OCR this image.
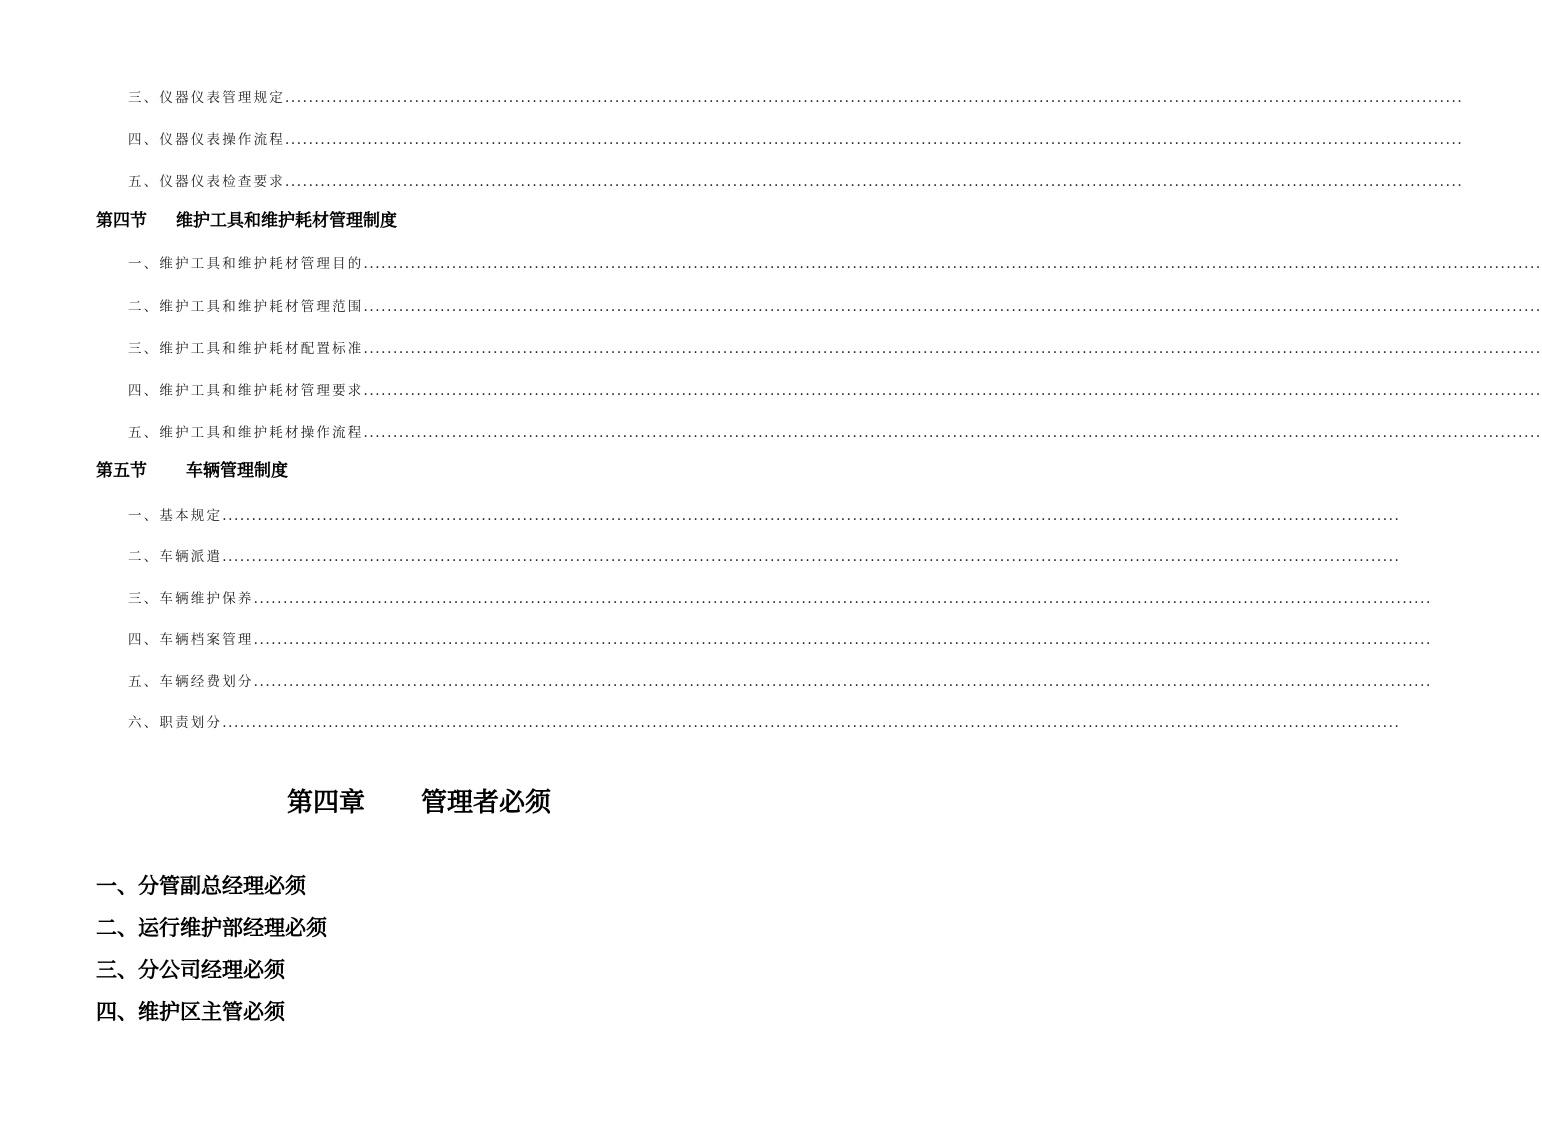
三、仪器仪表管理规定 ........................................................................................................................................................................................................
四、仪器仪表操作流程 ........................................................................................................................................................................................................
五、仪器仪表检查要求 ........................................................................................................................................................................................................
第四节 维护工具和维护耗材管理制度
一、维护工具和维护耗材管理目的 ........................................................................................................................................................................................................
二、维护工具和维护耗材管理范围 ........................................................................................................................................................................................................
三、维护工具和维护耗材配置标准 ........................................................................................................................................................................................................
四、维护工具和维护耗材管理要求 ........................................................................................................................................................................................................
五、维护工具和维护耗材操作流程 ........................................................................................................................................................................................................
第五节 车辆管理制度
一、基本规定 ........................................................................................................................................................................................................
二、车辆派遣 ........................................................................................................................................................................................................
三、车辆维护保养 ........................................................................................................................................................................................................
四、车辆档案管理 ........................................................................................................................................................................................................
五、车辆经费划分 ........................................................................................................................................................................................................
六、职责划分 ........................................................................................................................................................................................................
第四章 管理者必须
一、分管副总经理必须
二、运行维护部经理必须
三、分公司经理必须
四、维护区主管必须
